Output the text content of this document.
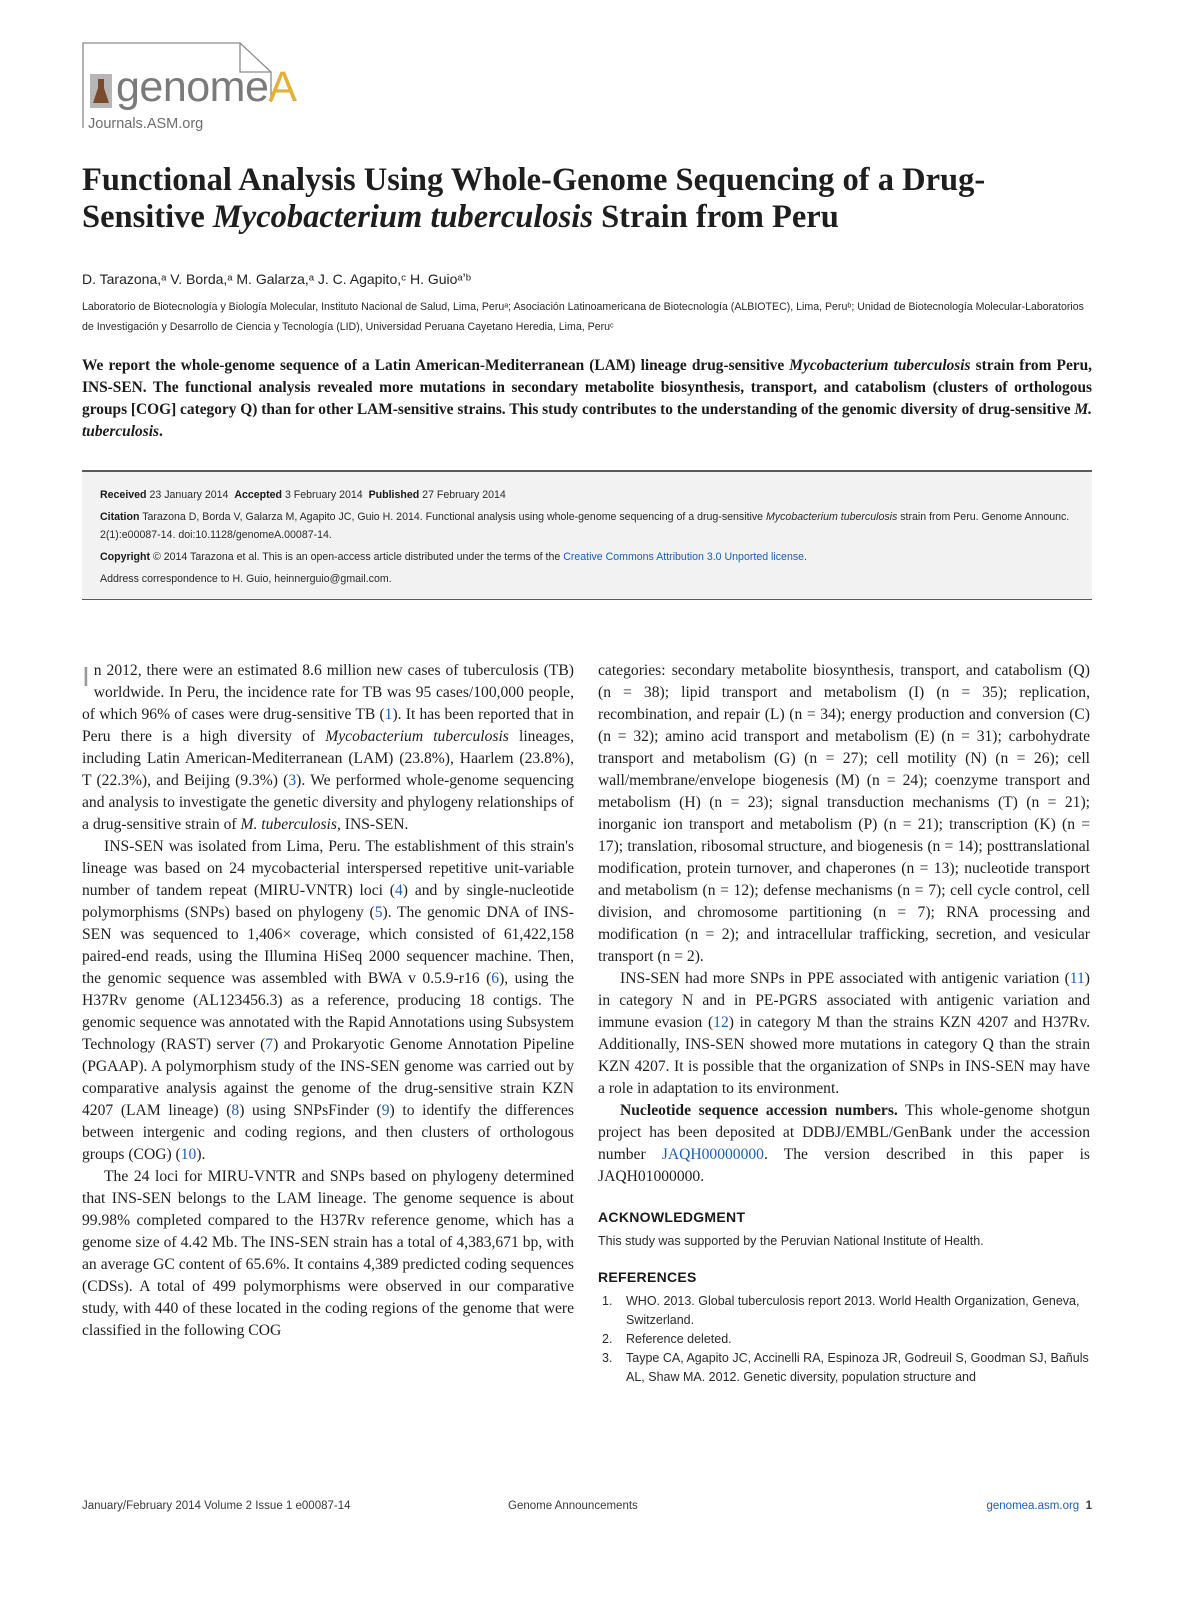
genomeA
Journals.ASM.org
Functional Analysis Using Whole-Genome Sequencing of a Drug-Sensitive Mycobacterium tuberculosis Strain from Peru
D. Tarazona,ᵃ V. Borda,ᵃ M. Galarza,ᵃ J. C. Agapito,ᶜ H. Guioᵃʼᵇ
Laboratorio de Biotecnología y Biología Molecular, Instituto Nacional de Salud, Lima, Peruᵃ; Asociación Latinoamericana de Biotecnología (ALBIOTEC), Lima, Peruᵇ; Unidad de Biotecnología Molecular-Laboratorios de Investigación y Desarrollo de Ciencia y Tecnología (LID), Universidad Peruana Cayetano Heredia, Lima, Peruᶜ
We report the whole-genome sequence of a Latin American-Mediterranean (LAM) lineage drug-sensitive Mycobacterium tuberculosis strain from Peru, INS-SEN. The functional analysis revealed more mutations in secondary metabolite biosynthesis, transport, and catabolism (clusters of orthologous groups [COG] category Q) than for other LAM-sensitive strains. This study contributes to the understanding of the genomic diversity of drug-sensitive M. tuberculosis.
Received 23 January 2014 Accepted 3 February 2014 Published 27 February 2014
Citation Tarazona D, Borda V, Galarza M, Agapito JC, Guio H. 2014. Functional analysis using whole-genome sequencing of a drug-sensitive Mycobacterium tuberculosis strain from Peru. Genome Announc. 2(1):e00087-14. doi:10.1128/genomeA.00087-14.
Copyright © 2014 Tarazona et al. This is an open-access article distributed under the terms of the Creative Commons Attribution 3.0 Unported license.
Address correspondence to H. Guio, heinnerguio@gmail.com.

In 2012, there were an estimated 8.6 million new cases of tuberculosis (TB) worldwide. In Peru, the incidence rate for TB was 95 cases/100,000 people, of which 96% of cases were drug-sensitive TB (1). It has been reported that in Peru there is a high diversity of Mycobacterium tuberculosis lineages, including Latin American-Mediterranean (LAM) (23.8%), Haarlem (23.8%), T (22.3%), and Beijing (9.3%) (3). We performed whole-genome sequencing and analysis to investigate the genetic diversity and phylogeny relationships of a drug-sensitive strain of M. tuberculosis, INS-SEN.

INS-SEN was isolated from Lima, Peru. The establishment of this strain's lineage was based on 24 mycobacterial interspersed repetitive unit-variable number of tandem repeat (MIRU-VNTR) loci (4) and by single-nucleotide polymorphisms (SNPs) based on phylogeny (5). The genomic DNA of INS-SEN was sequenced to 1,406× coverage, which consisted of 61,422,158 paired-end reads, using the Illumina HiSeq 2000 sequencer machine. Then, the genomic sequence was assembled with BWA v 0.5.9-r16 (6), using the H37Rv genome (AL123456.3) as a reference, producing 18 contigs. The genomic sequence was annotated with the Rapid Annotations using Subsystem Technology (RAST) server (7) and Prokaryotic Genome Annotation Pipeline (PGAAP). A polymorphism study of the INS-SEN genome was carried out by comparative analysis against the genome of the drug-sensitive strain KZN 4207 (LAM lineage) (8) using SNPsFinder (9) to identify the differences between intergenic and coding regions, and then clusters of orthologous groups (COG) (10).

The 24 loci for MIRU-VNTR and SNPs based on phylogeny determined that INS-SEN belongs to the LAM lineage. The genome sequence is about 99.98% completed compared to the H37Rv reference genome, which has a genome size of 4.42 Mb. The INS-SEN strain has a total of 4,383,671 bp, with an average GC content of 65.6%. It contains 4,389 predicted coding sequences (CDSs). A total of 499 polymorphisms were observed in our comparative study, with 440 of these located in the coding regions of the genome that were classified in the following COG

categories: secondary metabolite biosynthesis, transport, and catabolism (Q) (n = 38); lipid transport and metabolism (I) (n = 35); replication, recombination, and repair (L) (n = 34); energy production and conversion (C) (n = 32); amino acid transport and metabolism (E) (n = 31); carbohydrate transport and metabolism (G) (n = 27); cell motility (N) (n = 26); cell wall/membrane/envelope biogenesis (M) (n = 24); coenzyme transport and metabolism (H) (n = 23); signal transduction mechanisms (T) (n = 21); inorganic ion transport and metabolism (P) (n = 21); transcription (K) (n = 17); translation, ribosomal structure, and biogenesis (n = 14); posttranslational modification, protein turnover, and chaperones (n = 13); nucleotide transport and metabolism (n = 12); defense mechanisms (n = 7); cell cycle control, cell division, and chromosome partitioning (n = 7); RNA processing and modification (n = 2); and intracellular trafficking, secretion, and vesicular transport (n = 2).

INS-SEN had more SNPs in PPE associated with antigenic variation (11) in category N and in PE-PGRS associated with antigenic variation and immune evasion (12) in category M than the strains KZN 4207 and H37Rv. Additionally, INS-SEN showed more mutations in category Q than the strain KZN 4207. It is possible that the organization of SNPs in INS-SEN may have a role in adaptation to its environment.

Nucleotide sequence accession numbers. This whole-genome shotgun project has been deposited at DDBJ/EMBL/GenBank under the accession number JAQH00000000. The version described in this paper is JAQH01000000.

ACKNOWLEDGMENT
This study was supported by the Peruvian National Institute of Health.
REFERENCES
1. WHO. 2013. Global tuberculosis report 2013. World Health Organization, Geneva, Switzerland.
2. Reference deleted.
3. Taype CA, Agapito JC, Accinelli RA, Espinoza JR, Godreuil S, Goodman SJ, Bañuls AL, Shaw MA. 2012. Genetic diversity, population structure and
January/February 2014 Volume 2 Issue 1 e00087-14	Genome Announcements	genomea.asm.org 1
